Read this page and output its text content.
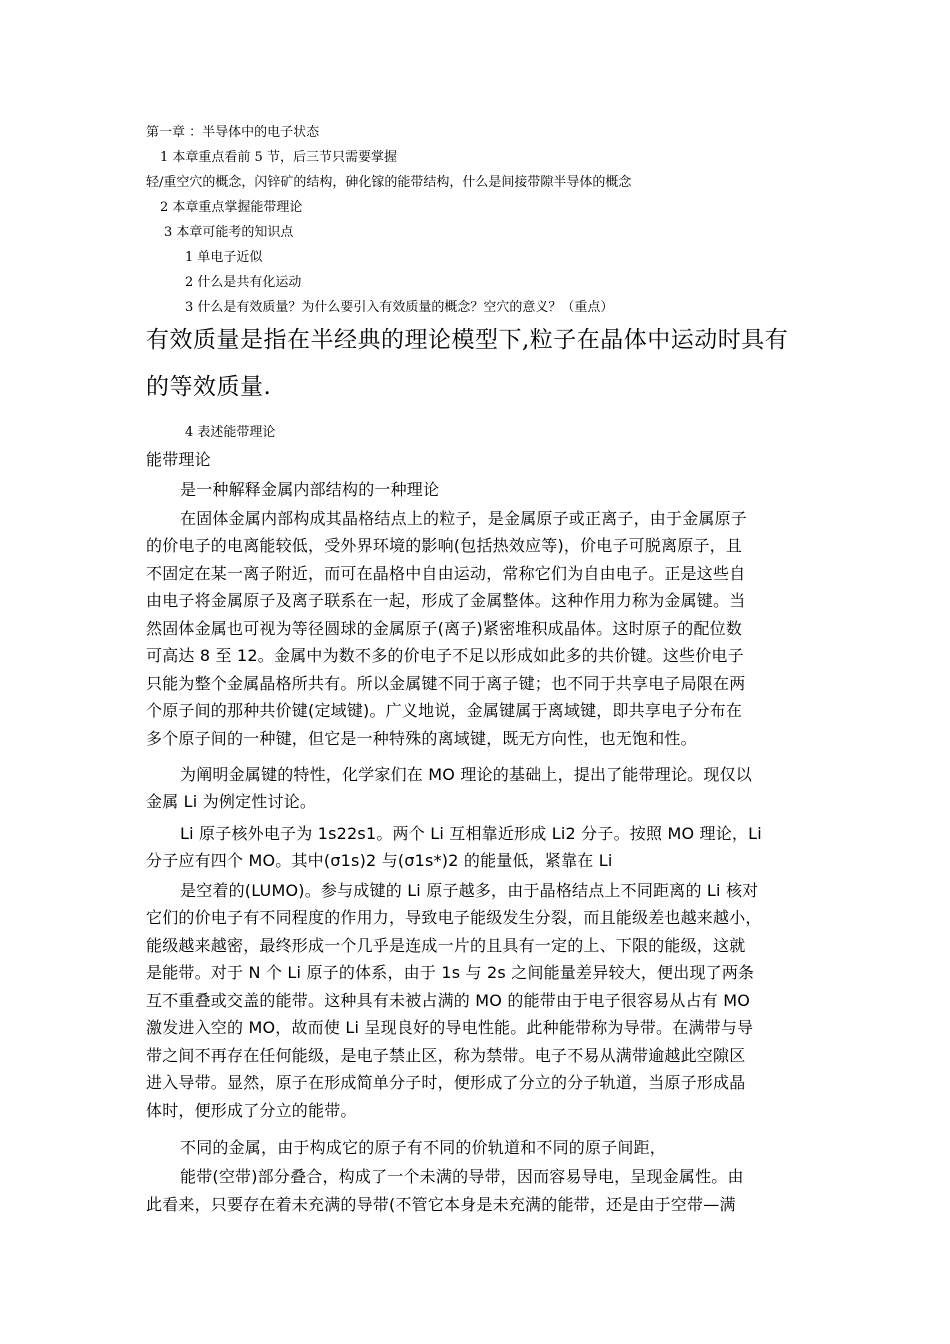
第一章 ：半导体中的电子状态
1 本章重点看前 5 节，后三节只需要掌握
轻/重空穴的概念，闪锌矿的结构，砷化镓的能带结构，什么是间接带隙半导体的概念
2 本章重点掌握能带理论
3 本章可能考的知识点
1 单电子近似
2 什么是共有化运动
3 什么是有效质量？为什么要引入有效质量的概念？空穴的意义？（重点）
有效质量是指在半经典的理论模型下,粒子在晶体中运动时具有
的等效质量.
4 表述能带理论
能带理论
是一种解释金属内部结构的一种理论
在固体金属内部构成其晶格结点上的粒子，是金属原子或正离子，由于金属原子
的价电子的电离能较低，受外界环境的影响(包括热效应等)，价电子可脱离原子，且
不固定在某一离子附近，而可在晶格中自由运动，常称它们为自由电子。正是这些自
由电子将金属原子及离子联系在一起，形成了金属整体。这种作用力称为金属键。当
然固体金属也可视为等径圆球的金属原子(离子)紧密堆积成晶体。这时原子的配位数
可高达 8 至 12。金属中为数不多的价电子不足以形成如此多的共价键。这些价电子
只能为整个金属晶格所共有。所以金属键不同于离子键；也不同于共享电子局限在两
个原子间的那种共价键(定域键)。广义地说，金属键属于离域键，即共享电子分布在
多个原子间的一种键，但它是一种特殊的离域键，既无方向性，也无饱和性。
为阐明金属键的特性，化学家们在 MO 理论的基础上，提出了能带理论。现仅以
金属 Li 为例定性讨论。
Li 原子核外电子为 1s22s1。两个 Li 互相靠近形成 Li2 分子。按照 MO 理论，Li
分子应有四个 MO。其中(σ1s)2 与(σ1s*)2 的能量低，紧靠在 Li
是空着的(LUMO)。参与成键的 Li 原子越多，由于晶格结点上不同距离的 Li 核对
它们的价电子有不同程度的作用力，导致电子能级发生分裂，而且能级差也越来越小，
能级越来越密，最终形成一个几乎是连成一片的且具有一定的上、下限的能级，这就
是能带。对于 N 个 Li 原子的体系，由于 1s 与 2s 之间能量差异较大，便出现了两条
互不重叠或交盖的能带。这种具有未被占满的 MO 的能带由于电子很容易从占有 MO
激发进入空的 MO，故而使 Li 呈现良好的导电性能。此种能带称为导带。在满带与导
带之间不再存在任何能级，是电子禁止区，称为禁带。电子不易从满带逾越此空隙区
进入导带。显然，原子在形成简单分子时，便形成了分立的分子轨道，当原子形成晶
体时，便形成了分立的能带。
不同的金属，由于构成它的原子有不同的价轨道和不同的原子间距，
能带(空带)部分叠合，构成了一个未满的导带，因而容易导电，呈现金属性。由
此看来，只要存在着未充满的导带(不管它本身是未充满的能带，还是由于空带—满
